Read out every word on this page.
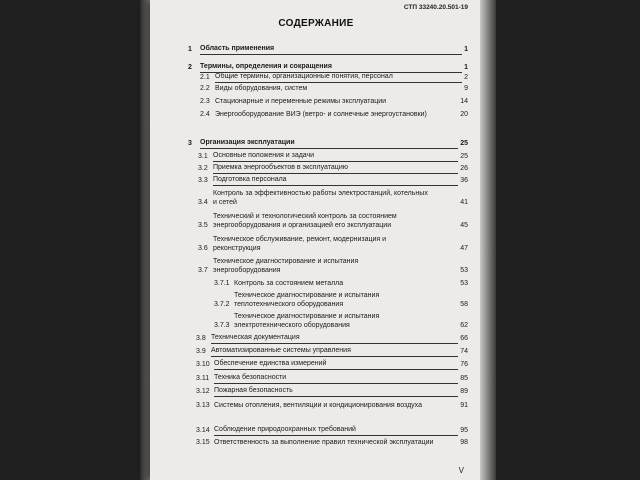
СТП 33240.20.501-19
СОДЕРЖАНИЕ
1	Область применения	1
2	Термины, определения и сокращения	1
2.1 Общие термины, организационные понятия, персонал	2
2.2 Виды оборудования, систем	9
2.3 Стационарные и переменные режимы эксплуатации	14
2.4 Энергооборудование ВИЭ (ветро- и солнечные энергоустановки)	20
3	Организация эксплуатации	25
3.1 Основные положения и задачи	25
3.2 Приемка энергообъектов в эксплуатацию	26
3.3 Подготовка персонала	36
3.4
Контроль за эффективностью работы электростанций, котельных и сетей	41
3.5
Технический и технологический контроль за состоянием энергооборудования и организацией его эксплуатации	45
3.6
Техническое обслуживание, ремонт, модернизация и реконструкция	47
3.7
Техническое диагностирование и испытания энергооборудования	53
3.7.1 Контроль за состоянием металла	53
3.7.2
Техническое диагностирование и испытания теплотехнического оборудования	58
3.7.3
Техническое диагностирование и испытания электротехнического оборудования	62
3.8 Техническая документация	66
3.9 Автоматизированные системы управления	74
3.10 Обеспечение единства измерений	76
3.11 Техника безопасности	85
3.12 Пожарная безопасность	89
3.13 Системы отопления, вентиляции и кондиционирования воздуха	91
3.14 Соблюдение природоохранных требований	95
3.15 Ответственность за выполнение правил технической эксплуатации	98
V
